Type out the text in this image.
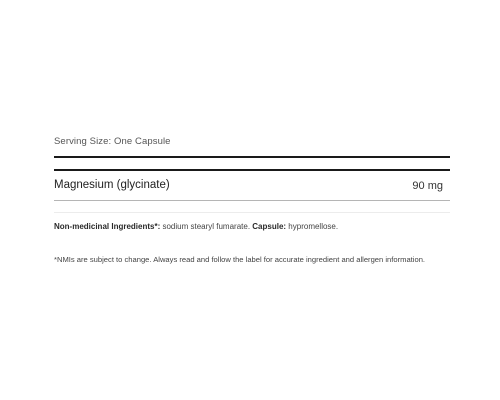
Serving Size: One Capsule
Magnesium (glycinate)	90 mg
Non-medicinal Ingredients*: sodium stearyl fumarate. Capsule: hypromellose.
*NMIs are subject to change. Always read and follow the label for accurate ingredient and allergen information.
